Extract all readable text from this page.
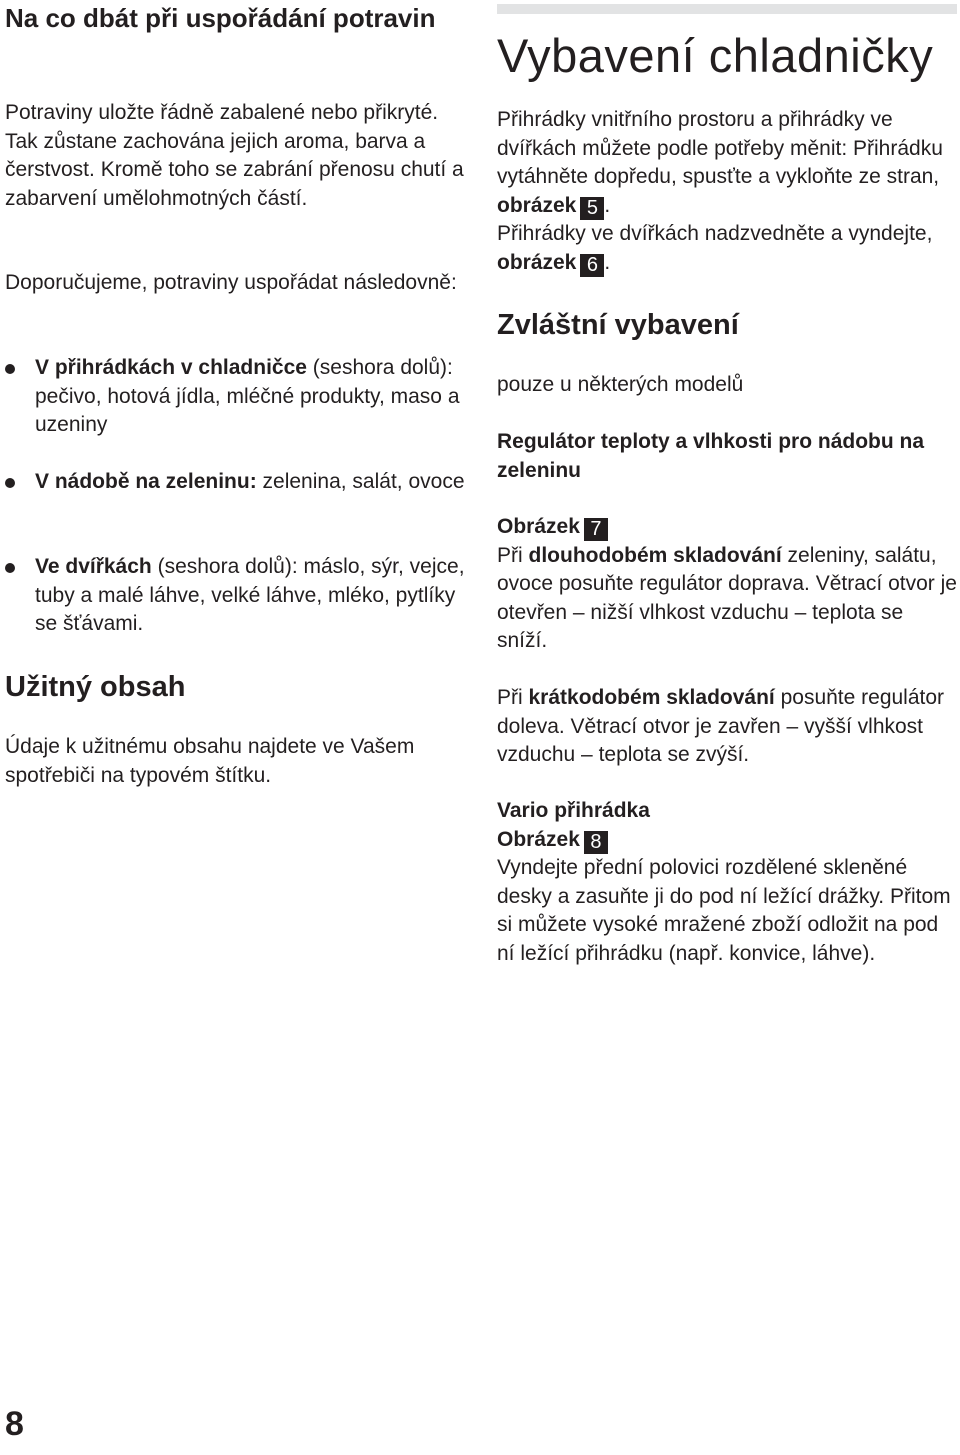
Na co dbát při uspořádání potravin

Potraviny uložte řádně zabalené nebo přikryté. Tak zůstane zachována jejich aroma, barva a čerstvost. Kromě toho se zabrání přenosu chutí a zabarvení umělohmotných částí.

Doporučujeme, potraviny uspořádat následovně:

V přihrádkách v chladničce (seshora dolů): pečivo, hotová jídla, mléčné produkty, maso a uzeniny

V nádobě na zeleninu: zelenina, salát, ovoce

Ve dvířkách (seshora dolů): máslo, sýr, vejce, tuby a malé láhve, velké láhve, mléko, pytlíky se šťávami.

Užitný obsah

Údaje k užitnému obsahu najdete ve Vašem spotřebiči na typovém štítku.

Vybavení chladničky

Přihrádky vnitřního prostoru a přihrádky ve dvířkách můžete podle potřeby měnit: Přihrádku vytáhněte dopředu, spusťte a vykloňte ze stran, obrázek 5 .

Přihrádky ve dvířkách nadzvedněte a vyndejte, obrázek 6 .

Zvláštní vybavení

pouze u některých modelů

Regulátor teploty a vlhkosti pro nádobu na zeleninu

Obrázek 7
Při dlouhodobém skladování zeleniny, salátu, ovoce posuňte regulátor doprava. Větrací otvor je otevřen – nižší vlhkost vzduchu – teplota se sníží.

Při krátkodobém skladování posuňte regulátor doleva. Větrací otvor je zavřen – vyšší vlhkost vzduchu – teplota se zvýší.

Vario přihrádka
Obrázek 8
Vyndejte přední polovici rozdělené skleněné desky a zasuňte ji do pod ní ležící drážky. Přitom si můžete vysoké mražené zboží odložit na pod ní ležící přihrádku (např. konvice, láhve).

8
